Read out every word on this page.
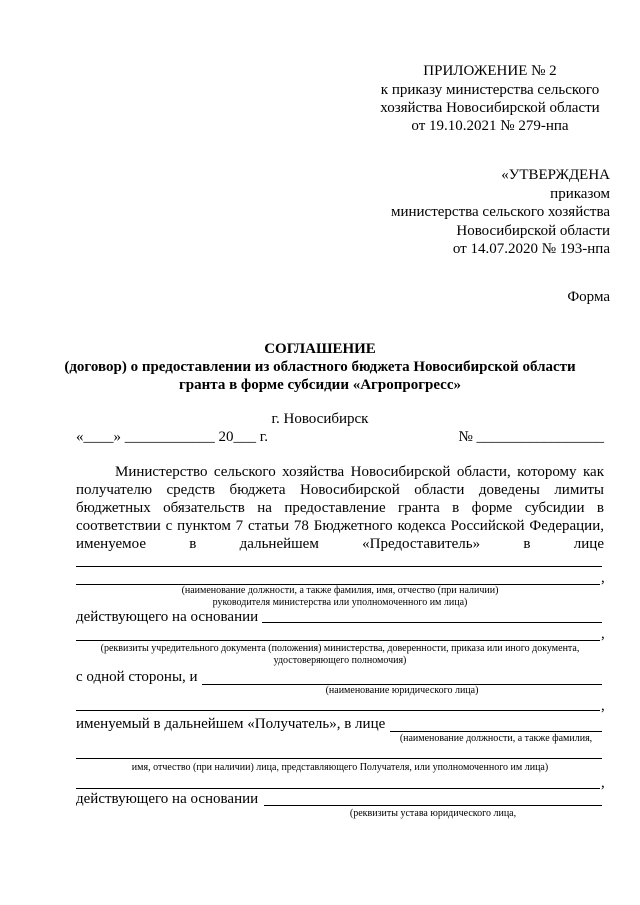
ПРИЛОЖЕНИЕ № 2
к приказу министерства сельского
хозяйства Новосибирской области
от 19.10.2021 № 279-нпа
«УТВЕРЖДЕНА
приказом
министерства сельского хозяйства
Новосибирской области
от 14.07.2020 № 193-нпа
Форма
СОГЛАШЕНИЕ
(договор) о предоставлении из областного бюджета Новосибирской области
гранта в форме субсидии «Агропрогресс»
г. Новосибирск
«____» ____________ 20___ г.	№ _________________
Министерство сельского хозяйства Новосибирской области, которому как
получателю средств бюджета Новосибирской области доведены лимиты
бюджетных обязательств на предоставление гранта в форме субсидии в
соответствии с пунктом 7 статьи 78 Бюджетного кодекса Российской Федерации,
именуемое в дальнейшем «Предоставитель» в лице
,
(наименование должности, а также фамилия, имя, отчество (при наличии)
руководителя министерства или уполномоченного им лица)
действующего на основании
,
(реквизиты учредительного документа (положения) министерства, доверенности, приказа или иного документа,
удостоверяющего полномочия)
с одной стороны, и
(наименование юридического лица)
,
именуемый в дальнейшем «Получатель», в лице
(наименование должности, а также фамилия,
имя, отчество (при наличии) лица, представляющего Получателя, или уполномоченного им лица)
,
действующего на основании
(реквизиты устава юридического лица,
